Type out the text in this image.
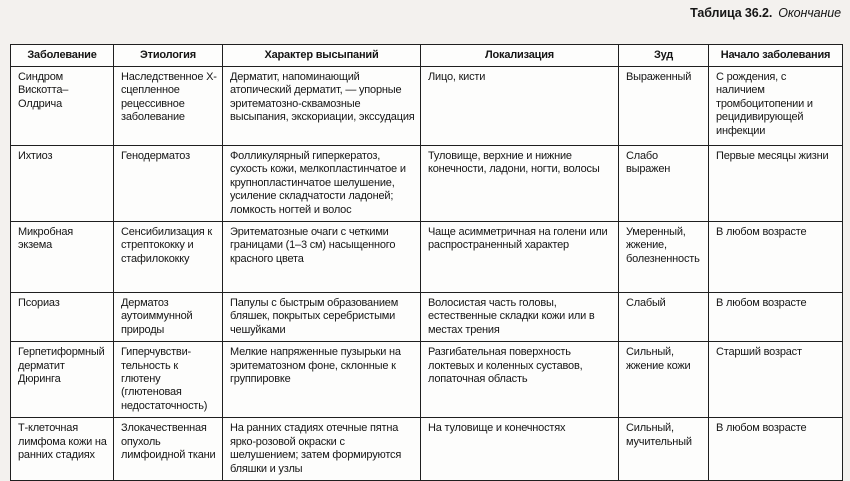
Таблица 36.2. Окончание
Заболевание	Этиология	Характер высыпаний	Локализация	Зуд	Начало заболевания
Синдром Вискотта–Олдрича	Наследственное Х-сцепленное рецессивное заболевание	Дерматит, напоминающий атопический дерматит, — упорные эритематозно-сквамозные высыпания, экскориации, экссудация	Лицо, кисти	Выраженный	С рождения, с наличием тромбоцитопении и рецидивирующей инфекции
Ихтиоз	Генодерматоз	Фолликулярный гиперкератоз, сухость кожи, мелкопластинчатое и крупнопластинчатое шелушение, усиление складчатости ладоней; ломкость ногтей и волос	Туловище, верхние и нижние конечности, ладони, ногти, волосы	Слабо выражен	Первые месяцы жизни
Микробная экзема	Сенсибилизация к стрептококку и стафилококку	Эритематозные очаги с четкими границами (1–3 см) насыщенного красного цвета	Чаще асимметричная на голени или распространенный характер	Умеренный, жжение, болезненность	В любом возрасте
Псориаз	Дерматоз аутоиммунной природы	Папулы с быстрым образованием бляшек, покрытых серебристыми чешуйками	Волосистая часть головы, естественные складки кожи или в местах трения	Слабый	В любом возрасте
Герпетиформный дерматит Дюринга	Гиперчувстви-тельность к глютену (глютеновая недостаточность)	Мелкие напряженные пузырьки на эритематозном фоне, склонные к группировке	Разгибательная поверхность локтевых и коленных суставов, лопаточная область	Сильный, жжение кожи	Старший возраст
Т-клеточная лимфома кожи на ранних стадиях	Злокачественная опухоль лимфоидной ткани	На ранних стадиях отечные пятна ярко-розовой окраски с шелушением; затем формируются бляшки и узлы	На туловище и конечностях	Сильный, мучительный	В любом возрасте
